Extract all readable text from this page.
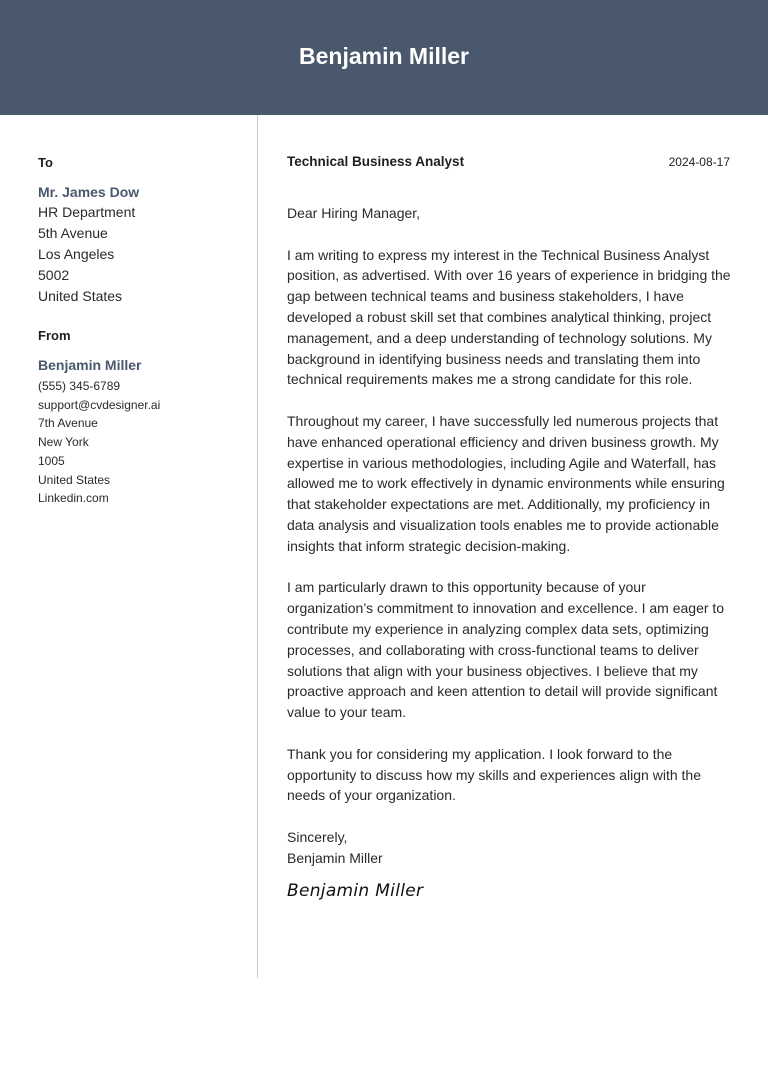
Benjamin Miller
To
Mr. James Dow
HR Department
5th Avenue
Los Angeles
5002
United States
From
Benjamin Miller
(555) 345-6789
support@cvdesigner.ai
7th Avenue
New York
1005
United States
Linkedin.com
Technical Business Analyst	2024-08-17
Dear Hiring Manager,
I am writing to express my interest in the Technical Business Analyst position, as advertised. With over 16 years of experience in bridging the gap between technical teams and business stakeholders, I have developed a robust skill set that combines analytical thinking, project management, and a deep understanding of technology solutions. My background in identifying business needs and translating them into technical requirements makes me a strong candidate for this role.
Throughout my career, I have successfully led numerous projects that have enhanced operational efficiency and driven business growth. My expertise in various methodologies, including Agile and Waterfall, has allowed me to work effectively in dynamic environments while ensuring that stakeholder expectations are met. Additionally, my proficiency in data analysis and visualization tools enables me to provide actionable insights that inform strategic decision-making.
I am particularly drawn to this opportunity because of your organization’s commitment to innovation and excellence. I am eager to contribute my experience in analyzing complex data sets, optimizing processes, and collaborating with cross-functional teams to deliver solutions that align with your business objectives. I believe that my proactive approach and keen attention to detail will provide significant value to your team.
Thank you for considering my application. I look forward to the opportunity to discuss how my skills and experiences align with the needs of your organization.
Sincerely,
Benjamin Miller
Benjamin Miller
